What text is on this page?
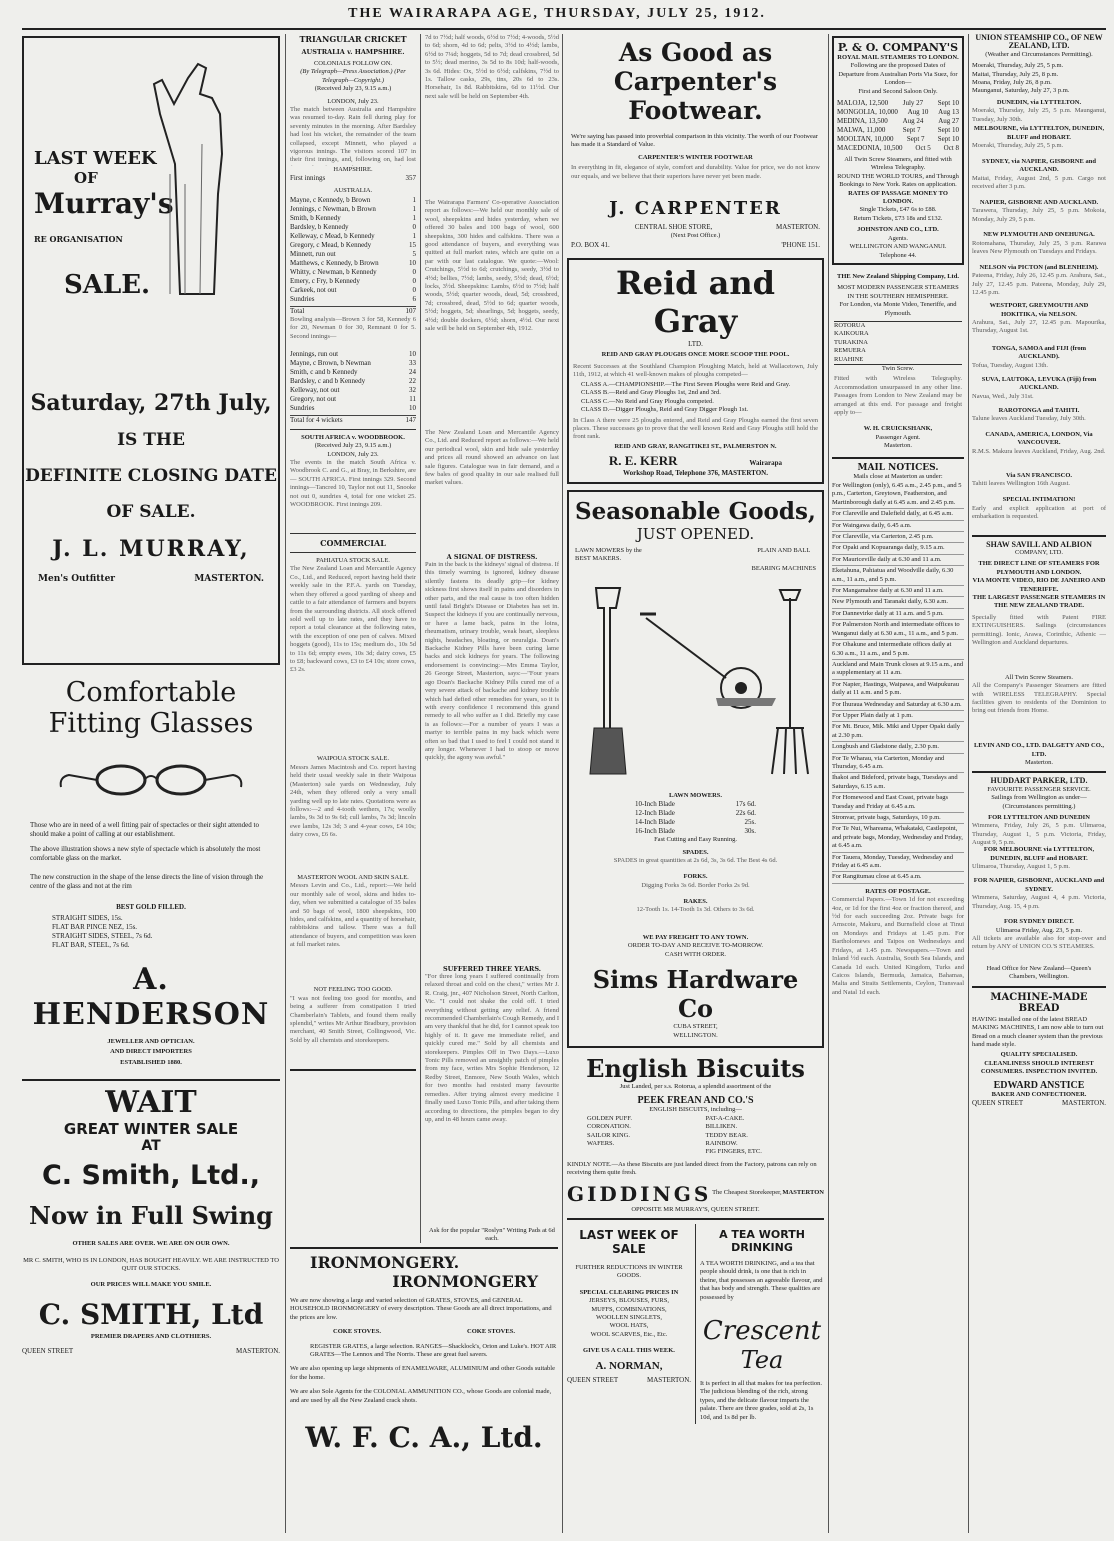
THE WAIRARAPA AGE, THURSDAY, JULY 25, 1912.
LAST WEEK
OF
Murray's
RE ORGANISATION
SALE.
Saturday, 27th July,
IS THE
DEFINITE CLOSING DATE
OF SALE.
J. L. MURRAY,
Men's Outfitter	MASTERTON.
Comfortable
Fitting Glasses

Those who are in need of a well fitting pair of spectacles or their sight attended to should make a point of calling at our establishment.

The above illustration shows a new style of spectacle which is absolutely the most comfortable glass on the market.

The new construction in the shape of the lense directs the line of vision through the centre of the glass and not at the rim

BEST GOLD FILLED.

STRAIGHT SIDES, 15s.
FLAT BAR PINCE NEZ, 15s.
STRAIGHT SIDES, STEEL, 7s 6d.
FLAT BAR, STEEL, 7s 6d.
A. HENDERSON

JEWELLER AND OPTICIAN.

AND DIRECT IMPORTERS

ESTABLISHED 1880.

WAIT
GREAT WINTER SALE
AT
C. Smith, Ltd.,
Now in Full Swing

OTHER SALES ARE OVER. WE ARE ON OUR OWN.

MR C. SMITH, WHO IS IN LONDON, HAS BOUGHT HEAVILY. WE ARE INSTRUCTED TO QUIT OUR STOCKS.

OUR PRICES WILL MAKE YOU SMILE.

C. SMITH, Ltd

PREMIER DRAPERS AND CLOTHIERS.

QUEEN STREET	MASTERTON.
TRIANGULAR CRICKET
AUSTRALIA v. HAMPSHIRE.
COLONIALS FOLLOW ON.
(By Telegraph—Press Association.) (Per Telegraph—Copyright.)
(Received July 23, 9.15 a.m.)
LONDON, July 23.
The match between Australia and Hampshire was resumed to-day. Rain fell during play for seventy minutes in the morning. After Bardsley had lost his wicket, the remainder of the team collapsed, except Minnett, who played a vigorous innings. The visitors scored 107 in their first innings, and, following on, had lost
HAMPSHIRE.
First innings	357
AUSTRALIA.
Mayne, c Kennedy, b Brown	1
Jennings, c Newman, b Brown	1
Smith, b Kennedy	1
Bardsley, b Kennedy	0
Kelleway, c Mead, b Kennedy	1
Gregory, c Mead, b Kennedy	15
Minnett, run out	5
Matthews, c Kennedy, b Brown	10
Whitty, c Newman, b Kennedy	0
Emery, c Fry, b Kennedy	0
Carkeek, not out	0
Sundries	6
Total	107
Bowling analysis—Brown 3 for 58, Kennedy 6 for 20, Newman 0 for 30, Remnant 0 for 5. Second innings—
Jennings, run out	10
Mayne, c Brown, b Newman	33
Smith, c and b Kennedy	24
Bardsley, c and b Kennedy	22
Kelleway, not out	32
Gregory, not out	11
Sundries	10
Total for 4 wickets	147
SOUTH AFRICA v. WOODBROOK.
(Received July 23, 9.15 a.m.)
LONDON, July 23.
The events in the match South Africa v. Woodbrook C. and G., at Bray, in Berkshire, are— SOUTH AFRICA. First innings 329. Second innings—Tancred 10, Taylor not out 11, Snooke not out 0, sundries 4, total for one wicket 25. WOODBROOK. First innings 209.
COMMERCIAL
PAHIATUA STOCK SALE.
The New Zealand Loan and Mercantile Agency Co., Ltd., and Reduced, report having held their weekly sale in the P.F.A. yards on Tuesday, when they offered a good yarding of sheep and cattle to a fair attendance of farmers and buyers from the surrounding districts. All stock offered sold well up to late rates, and they have to report a total clearance at the following rates, with the exception of one pen of calves. Mixed hoggets (good), 11s to 15s; medium do., 10s 5d to 11s 6d; empty ewes, 10s 3d; dairy cows, £5 to £8; backward cows, £3 to £4 10s; store cows, £3 2s.
WAIPOUA STOCK SALE.
Messrs James Macintosh and Co. report having held their usual weekly sale in their Waipoua (Masterton) sale yards on Wednesday, July 24th, when they offered only a very small yarding well up to late rates. Quotations were as follows:—2 and 4-tooth wethers, 17s; woolly lambs, 9s 3d to 9s 6d; cull lambs, 7s 3d; lincoln ewe lambs, 12s 3d; 3 and 4-year cows, £4 10s; dairy cows, £6 6s.
MASTERTON WOOL AND SKIN SALE.
Messrs Levin and Co., Ltd., report:—We held our monthly sale of wool, skins and hides to-day, when we submitted a catalogue of 35 bales and 50 bags of wool, 1800 sheepskins, 100 hides, and calfskins, and a quantity of horsehair, rabbitskins and tallow. There was a full attendance of buyers, and competition was keen at full market rates.
NOT FEELING TOO GOOD.
"I was not feeling too good for months, and being a sufferer from constipation I tried Chamberlain's Tablets, and found them really splendid," writes Mr Arthur Bradbury, provision merchant, 40 Smith Street, Collingwood, Vic. Sold by all chemists and storekeepers.
7d to 7½d; half woods, 6½d to 7½d; 4-woods, 5½d to 6d; shorn, 4d to 6d; pelts, 3½d to 4½d; lambs, 6½d to 7¼d; hoggets, 5d to 7d; dead crossbred, 5d to 5½; dead merino, 3s 5d to 8s 10d; half-woods, 3s 6d. Hides: Ox, 5½d to 6½d; calfskins, 7½d to 1s. Tallow casks, 29s, tins, 20s 6d to 23s. Horsehair, 1s 8d. Rabbitskins, 6d to 11½d. Our next sale will be held on September 4th.
The Wairarapa Farmers' Co-operative Association report as follows:—We held our monthly sale of wool, sheepskins and hides yesterday, when we offered 30 bales and 100 bags of wool, 600 sheepskins, 300 hides and calfskins. There was a good attendance of buyers, and everything was quitted at full market rates, which are quite on a par with our last catalogue. We quote:—Wool: Crutchings, 5½d to 6d; crutchings, seedy, 3½d to 4½d; bellies, 7½d; lambs, seedy, 5½d; dead, 6½d; locks, 3½d. Sheepskins: Lambs, 6½d to 7½d; half woods, 5½d; quarter woods, dead, 5d; crossbred, 7d; crossbred, dead, 5½d to 6d; quarter woods, 5½d; hoggets, 5d; shearlings, 5d; hoggets, seedy, 4½d; double dockers, 6½d; shorn, 4½d. Our next sale will be held on September 4th, 1912.
The New Zealand Loan and Mercantile Agency Co., Ltd. and Reduced report as follows:—We held our periodical wool, skin and hide sale yesterday and prices all round showed an advance on last sale figures. Catalogue was in fair demand, and a few bales of good quality in our sale realised full market values.
A SIGNAL OF DISTRESS.
Pain in the back is the kidneys' signal of distress. If this timely warning is ignored, kidney disease silently fastens its deadly grip—for kidney sickness first shows itself in pains and disorders in other parts, and the real cause is too often hidden until fatal Bright's Disease or Diabetes has set in. Suspect the kidneys if you are continually nervous, or have a lame back, pains in the loins, rheumatism, urinary trouble, weak heart, sleepless nights, headaches, bloating, or neuralgia. Doan's Backache Kidney Pills have been curing lame backs and sick kidneys for years. The following endorsement is convincing:—Mrs Emma Taylor, 26 George Street, Masterton, says:—"Four years ago Doan's Backache Kidney Pills cured me of a very severe attack of backache and kidney trouble which had defied other remedies for years, so it is with every confidence I recommend this grand remedy to all who suffer as I did. Briefly my case is as follows:—For a number of years I was a martyr to terrible pains in my back which were often so bad that I used to feel I could not stand it any longer. Whenever I had to stoop or move quickly, the agony was awful."
SUFFERED THREE YEARS.
"For three long years I suffered continually from relaxed throat and cold on the chest," writes Mr J. R. Craig, jnr., 407 Nicholson Street, North Carlton, Vic. "I could not shake the cold off. I tried everything without getting any relief. A friend recommended Chamberlain's Cough Remedy, and I am very thankful that he did, for I cannot speak too highly of it. It gave me immediate relief, and quickly cured me." Sold by all chemists and storekeepers. Pimples Off in Two Days.—Luxo Tonic Pills removed an unsightly patch of pimples from my face, writes Mrs Sophie Henderson, 12 Redby Street, Enmore, New South Wales, which for two months had resisted many favourite remedies. After trying almost every medicine I finally used Luxo Tonic Pills, and after taking them according to directions, the pimples began to dry up, and in 48 hours came away.
Ask for the popular "Roslyn" Writing Pads at 6d each.
IRONMONGERY.
IRONMONGERY

We are now showing a large and varied selection of GRATES, STOVES, and GENERAL HOUSEHOLD IRONMONGERY of every description. These Goods are all direct importations, and the prices are low.

COKE STOVES.	COKE STOVES.

REGISTER GRATES, a large selection. RANGES—Shacklock's, Orion and Luke's. HOT AIR GRATES—The Lennox and The Norris. These are great fuel savers.

We are also opening up large shipments of ENAMELWARE, ALUMINIUM and other Goods suitable for the home.

We are also Sole Agents for the COLONIAL AMMUNITION CO., whose Goods are colonial made, and are used by all the New Zealand crack shots.

W. F. C. A., Ltd.
As Good as Carpenter's
Footwear.

We're saying has passed into proverbial comparison in this vicinity. The worth of our Footwear has made it a Standard of Value.

CARPENTER'S WINTER FOOTWEAR

In everything in fit, elegance of style, comfort and durability. Value for price, we do not know our equals, and we believe that their superiors have never yet been made.

J. CARPENTER
CENTRAL SHOE STORE,	MASTERTON.
(Next Post Office.)
P.O. BOX 41.	'PHONE 151.
Reid and Gray
LTD.
REID AND GRAY PLOUGHS ONCE MORE SCOOP THE POOL.

Recent Successes at the Southland Champion Ploughing Match, held at Wallacetown, July 11th, 1912, at which 41 well-known makes of ploughs competed—

CLASS A.—CHAMPIONSHIP.—The First Seven Ploughs were Reid and Gray.
CLASS B.—Reid and Gray Ploughs 1st, 2nd and 3rd.
CLASS C.—No Reid and Gray Ploughs competed.
CLASS D.—Digger Ploughs, Reid and Gray Digger Plough 1st.

In Class A there were 25 ploughs entered, and Reid and Gray Ploughs earned the first seven places. These successes go to prove that the well known Reid and Gray Ploughs still hold the front rank.

REID AND GRAY, RANGITIKEI ST., PALMERSTON N.
R. E. KERR	Wairarapa
Workshop Road, Telephone 376, MASTERTON.
Seasonable Goods,
JUST OPENED.
LAWN MOWERS by the BEST MAKERS.
PLAIN AND BALL
BEARING MACHINES
LAWN MOWERS.
10-Inch Blade	17s 6d.
12-Inch Blade	22s 6d.
14-Inch Blade	25s.
16-Inch Blade	30s.
Fast Cutting and Easy Running.
SPADES.
SPADES in great quantities at 2s 6d, 3s, 3s 6d. The Best 4s 6d.
FORKS.
Digging Forks 3s 6d. Border Forks 2s 9d.
RAKES.
12-Tooth 1s. 14-Tooth 1s 3d. Others to 3s 6d.
WE PAY FREIGHT TO ANY TOWN.
ORDER TO-DAY AND RECEIVE TO-MORROW.
CASH WITH ORDER.
Sims Hardware Co
CUBA STREET,
WELLINGTON.
English Biscuits
Just Landed, per s.s. Rotorua, a splendid assortment of the
PEEK FREAN AND CO.'S
ENGLISH BISCUITS, including—
GOLDEN PUFF.	PAT-A-CAKE.
CORONATION.	BILLIKEN.
SAILOR KING.	TEDDY BEAR.
WAFERS.	RAINBOW.
FIG FINGERS, ETC.

KINDLY NOTE.—As these Biscuits are just landed direct from the Factory, patrons can rely on receiving them quite fresh.

GIDDINGS The Cheapest Storekeeper, MASTERTON
OPPOSITE MR MURRAY'S, QUEEN STREET.
LAST WEEK OF
SALE
FURTHER REDUCTIONS IN WINTER GOODS.
SPECIAL CLEARING PRICES IN
JERSEYS, BLOUSES, FURS,
MUFFS, COMBINATIONS,
WOOLLEN SINGLETS,
WOOL HATS,
WOOL SCARVES, Etc., Etc.
GIVE US A CALL THIS WEEK.
A. NORMAN,
QUEEN STREET	MASTERTON.
A TEA WORTH
DRINKING

A TEA WORTH DRINKING, and a tea that people should drink, is one that is rich in theine, that possesses an agreeable flavour, and that has body and strength. These qualities are possessed by

Crescent
Tea

It is perfect in all that makes for tea perfection. The judicious blending of the rich, strong types, and the delicate flavour imparts the palate. There are three grades, sold at 2s, 1s 10d, and 1s 8d per lb.

P. & O. COMPANY'S
ROYAL MAIL STEAMERS TO LONDON.
Following are the proposed Dates of Departure from Australian Ports Via Suez, for London—
First and Second Saloon Only.
MALOJA, 12,500 July 27 Sept 10
MONGOLIA, 10,000 Aug 10 Aug 13
MEDINA, 13,500 Aug 24 Aug 27
MALWA, 11,000 Sept 7 Sept 10
MOOLTAN, 10,000 Sept 7 Sept 10
MACEDONIA, 10,500 Oct 5 Oct 8
All Twin Screw Steamers, and fitted with Wireless Telegraphy.
ROUND THE WORLD TOURS, and Through Bookings to New York. Rates on application.
RATES OF PASSAGE MONEY TO LONDON.
Single Tickets, £47 6s to £88.
Return Tickets, £73 18s and £132.
JOHNSTON AND CO., LTD.
Agents.
WELLINGTON AND WANGANUI.
Telephone 44.
THE New Zealand Shipping Company, Ltd.
MOST MODERN PASSENGER STEAMERS IN THE SOUTHERN HEMISPHERE.
For London, via Monte Video, Teneriffe, and Plymouth.
ROTORUA
KAIKOURA
TURAKINA
REMUERA
RUAHINE
Twin Screw.

Fitted with Wireless Telegraphy. Accommodation unsurpassed in any other line. Passages from London to New Zealand may be arranged at this end. For passage and freight apply to—

W. H. CRUICKSHANK,
Passenger Agent.
Masterton.
MAIL NOTICES.
Mails close at Masterton as under:
For Wellington (only), 6.45 a.m., 2.45 p.m., and 5 p.m., Carterton, Greytown, Featherston, and Martinborough daily at 6.45 a.m. and 2.45 p.m.
For Clareville and Dalefield daily, at 6.45 a.m.
For Waingawa daily, 6.45 a.m.
For Clareville, via Carterton, 2.45 p.m.
For Opaki and Kopuaranga daily, 9.15 a.m.
For Mauriceville daily at 6.30 and 11 a.m.
Eketahuna, Pahiatua and Woodville daily, 6.30 a.m., 11 a.m., and 5 p.m.
For Mangamahoe daily at 6.30 and 11 a.m.
New Plymouth and Taranaki daily, 6.30 a.m.
For Dannevirke daily at 11 a.m. and 5 p.m.
For Palmerston North and intermediate offices to Wanganui daily at 6.30 a.m., 11 a.m., and 5 p.m.
For Ohakune and intermediate offices daily at 6.30 a.m., 11 a.m., and 5 p.m.
Auckland and Main Trunk closes at 9.15 a.m., and a supplementary at 11 a.m.
For Napier, Hastings, Waipawa, and Waipukurau daily at 11 a.m. and 5 p.m.
For Ihuraua Wednesday and Saturday at 6.30 a.m.
For Upper Plain daily at 1 p.m.
For Mt. Bruce, Mik. Miki and Upper Opaki daily at 2.30 p.m.
Longbush and Gladstone daily, 2.30 p.m.
For Te Wharau, via Carterton, Monday and Thursday, 6.45 a.m.
Ihakoi and Bideford, private bags, Tuesdays and Saturdays, 6.15 a.m.
For Homewood and East Coast, private bags Tuesday and Friday at 6.45 a.m.
Stronvar, private bags, Saturdays, 10 p.m.
For Te Nui, Whareama, Whakataki, Castlepoint, and private bags, Monday, Wednesday and Friday, at 6.45 a.m.
For Tauera, Monday, Tuesday, Wednesday and Friday at 6.45 a.m.
For Rangitumau close at 6.45 a.m.
RATES OF POSTAGE.
Commercial Papers.—Town 1d for not exceeding 4oz, or 1d for the first 4oz or fraction thereof, and ½d for each succeeding 2oz. Private bags for Arnscote, Makuru, and Burnsfield close at Tinui on Mondays and Fridays at 1.45 p.m. For Bartholomews and Taipos on Wednesdays and Fridays, at 1.45 p.m. Newspapers.—Town and Inland ½d each. Australia, South Sea Islands, and Canada 1d each. United Kingdom, Turks and Caicos Islands, Bermuda, Jamaica, Bahamas, Malta and Straits Settlements, Ceylon, Transvaal and Natal 1d each.
UNION STEAMSHIP CO., OF NEW ZEALAND, LTD.
(Weather and Circumstances Permitting).
Moeraki, Thursday, July 25, 5 p.m.
Maitai, Thursday, July 25, 8 p.m.
Moana, Friday, July 26, 8 p.m.
Maunganui, Saturday, July 27, 3 p.m.
DUNEDIN, via LYTTELTON.
Moeraki, Thursday, July 25, 5 p.m. Maunganui, Tuesday, July 30th.
MELBOURNE, via LYTTELTON, DUNEDIN, BLUFF and HOBART.
Moeraki, Thursday, July 25, 5 p.m.
SYDNEY, via NAPIER, GISBORNE and AUCKLAND.
Maitai, Friday, August 2nd, 5 p.m. Cargo not received after 3 p.m.
NAPIER, GISBORNE AND AUCKLAND.
Tarawera, Thursday, July 25, 5 p.m. Mokoia, Monday, July 29, 5 p.m.
NEW PLYMOUTH AND ONEHUNGA.
Rotomahana, Thursday, July 25, 3 p.m. Rarawa leaves New Plymouth on Tuesdays and Fridays.
NELSON via PICTON (and BLENHEIM).
Pateena, Friday, July 26, 12.45 p.m. Arahura, Sat., July 27, 12.45 p.m. Pateena, Monday, July 29, 12.45 p.m.
WESTPORT, GREYMOUTH AND HOKITIKA, via NELSON.
Arahura, Sat., July 27, 12.45 p.m. Mapourika, Thursday, August 1st.
TONGA, SAMOA and FIJI (from AUCKLAND).
Tofua, Tuesday, August 13th.
SUVA, LAUTOKA, LEVUKA (Fiji) from AUCKLAND.
Navua, Wed., July 31st.
RAROTONGA and TAHITI.
Talune leaves Auckland Tuesday, July 30th.
CANADA, AMERICA, LONDON, Via VANCOUVER.
R.M.S. Makura leaves Auckland, Friday, Aug. 2nd.
Via SAN FRANCISCO.
Tahiti leaves Wellington 16th August.
SPECIAL INTIMATION!
Early and explicit application at port of embarkation is requested.
SHAW SAVILL AND ALBION
COMPANY, LTD.
THE DIRECT LINE OF STEAMERS FOR PLYMOUTH AND LONDON.
VIA MONTE VIDEO, RIO DE JANEIRO AND TENERIFFE.
THE LARGEST PASSENGER STEAMERS IN THE NEW ZEALAND TRADE.
Specially fitted with Patent FIRE EXTINGUISHERS. Sailings (circumstances permitting). Ionic, Arawa, Corinthic, Athenic — Wellington and Auckland departures.
All Twin Screw Steamers.
All the Company's Passenger Steamers are fitted with WIRELESS TELEGRAPHY. Special facilities given to residents of the Dominion to bring out friends from Home.
LEVIN AND CO., LTD. DALGETY AND CO., LTD.
Masterton.
HUDDART PARKER, LTD.
FAVOURITE PASSENGER SERVICE.
Sailings from Wellington as under—(Circumstances permitting.)
FOR LYTTELTON AND DUNEDIN
Wimmera, Friday, July 26, 5 p.m. Ulimaroa, Thursday, August 1, 5 p.m. Victoria, Friday, August 9, 5 p.m.
FOR MELBOURNE via LYTTELTON, DUNEDIN, BLUFF and HOBART.
Ulimaroa, Thursday, August 1, 5 p.m.
FOR NAPIER, GISBORNE, AUCKLAND and SYDNEY.
Wimmera, Saturday, August 4, 4 p.m. Victoria, Thursday, Aug. 15, 4 p.m.
FOR SYDNEY DIRECT.
Ulimaroa Friday, Aug. 23, 5 p.m.
All tickets are available also for stop-over and return by ANY of UNION CO.'S STEAMERS.
Head Office for New Zealand—Queen's Chambers, Wellington.
MACHINE-MADE BREAD

HAVING installed one of the latest BREAD MAKING MACHINES, I am now able to turn out Bread on a much cleaner system than the previous hand made style.

QUALITY SPECIALISED.
CLEANLINESS SHOULD INTEREST CONSUMERS. INSPECTION INVITED.
EDWARD ANSTICE
BAKER AND CONFECTIONER.
QUEEN STREET	MASTERTON.
